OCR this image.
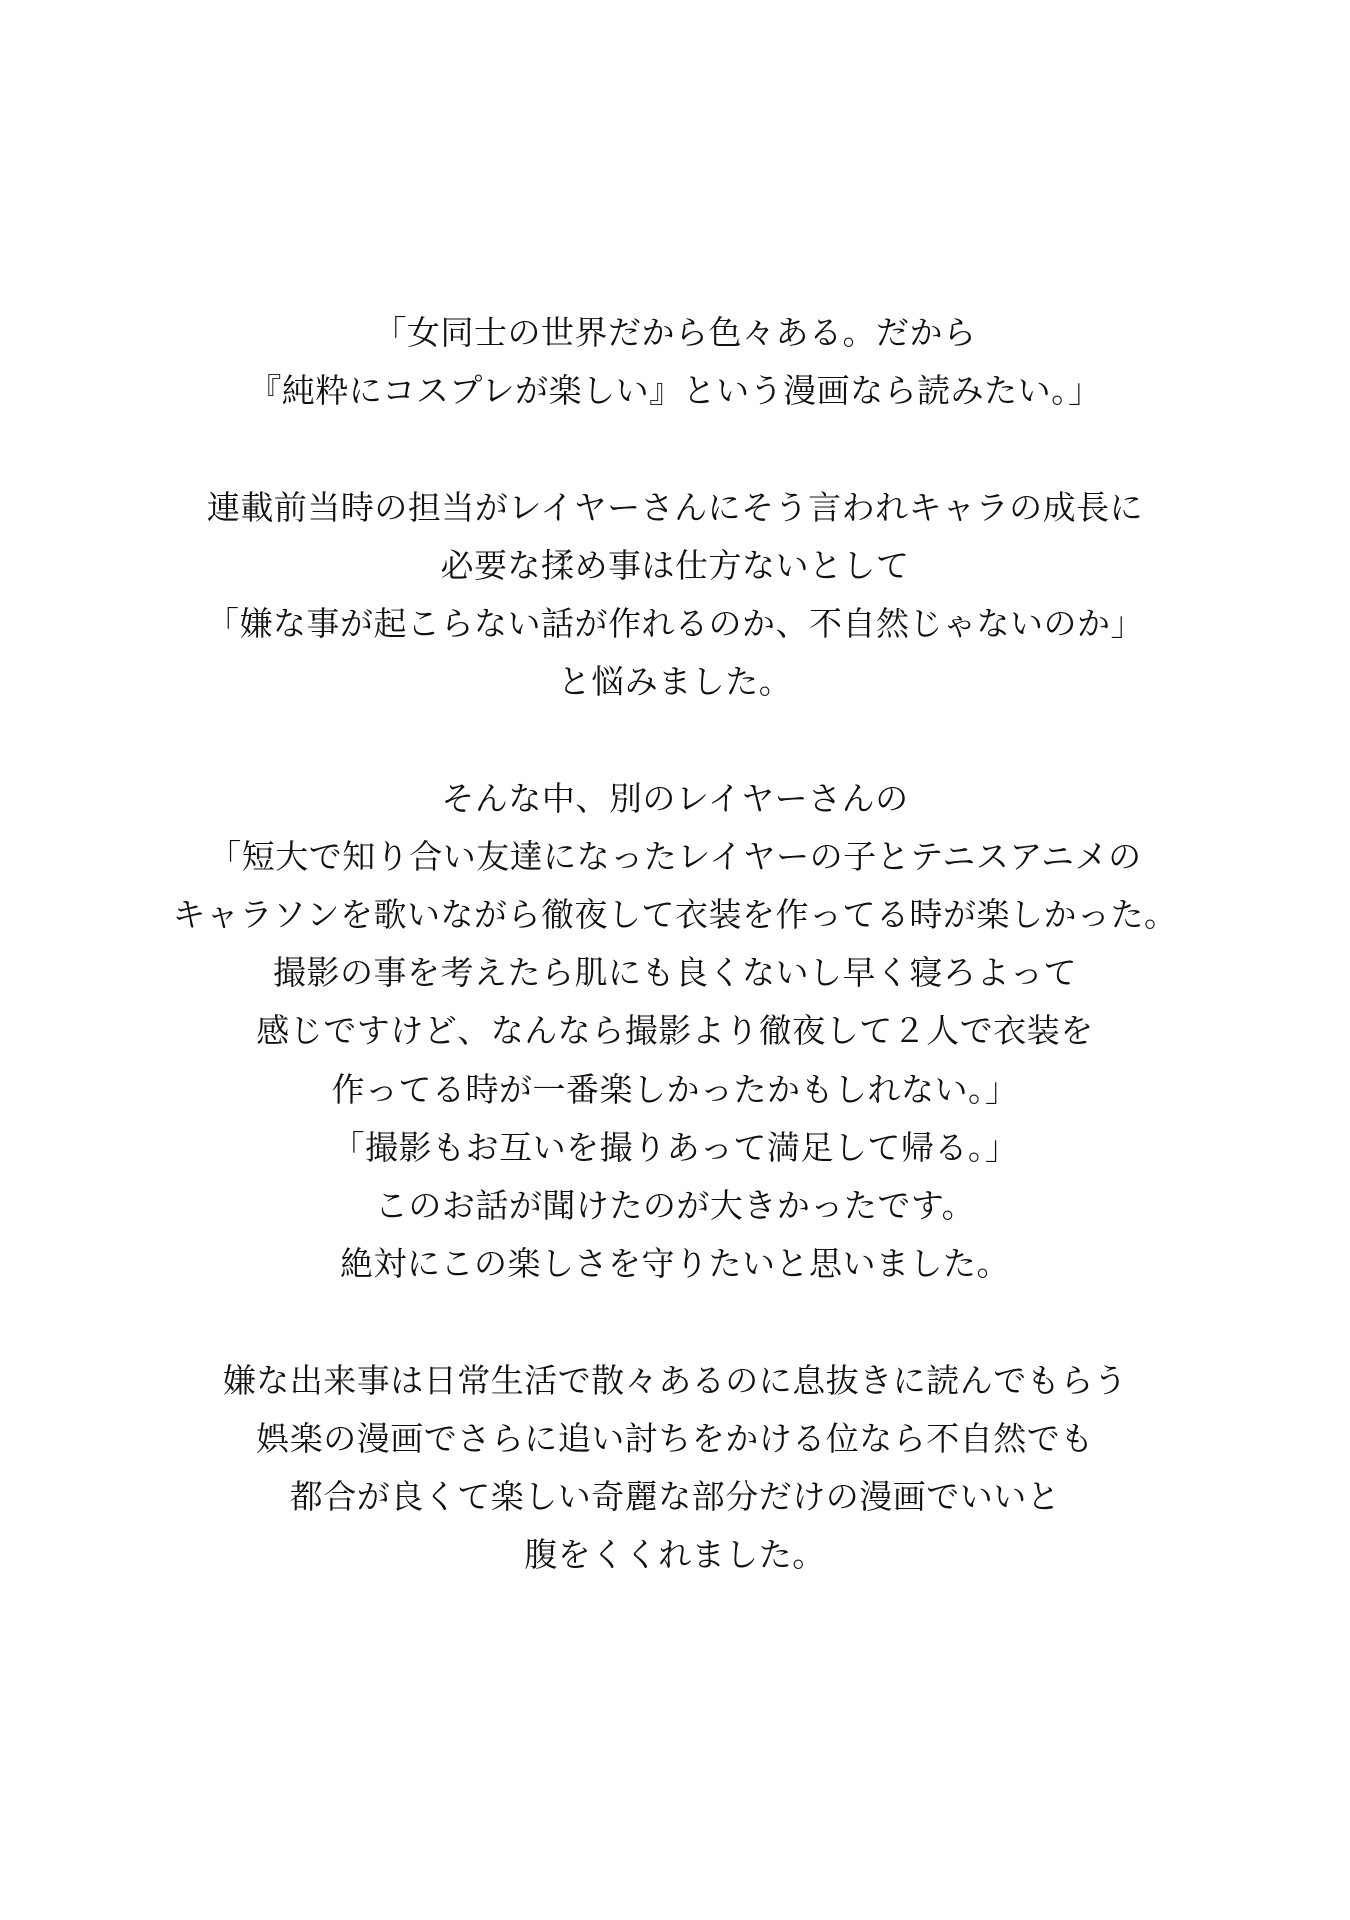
「女同士の世界だから色々ある。だから
『純粋にコスプレが楽しい』という漫画なら読みたい。」

連載前当時の担当がレイヤーさんにそう言われキャラの成長に
必要な揉め事は仕方ないとして
「嫌な事が起こらない話が作れるのか、不自然じゃないのか」
と悩みました。

そんな中、別のレイヤーさんの
「短大で知り合い友達になったレイヤーの子とテニスアニメの
キャラソンを歌いながら徹夜して衣装を作ってる時が楽しかった。
撮影の事を考えたら肌にも良くないし早く寝ろよって
感じですけど、なんなら撮影より徹夜して２人で衣装を
作ってる時が一番楽しかったかもしれない。」
「撮影もお互いを撮りあって満足して帰る。」
このお話が聞けたのが大きかったです。
絶対にこの楽しさを守りたいと思いました。

嫌な出来事は日常生活で散々あるのに息抜きに読んでもらう
娯楽の漫画でさらに追い討ちをかける位なら不自然でも
都合が良くて楽しい奇麗な部分だけの漫画でいいと
腹をくくれました。
